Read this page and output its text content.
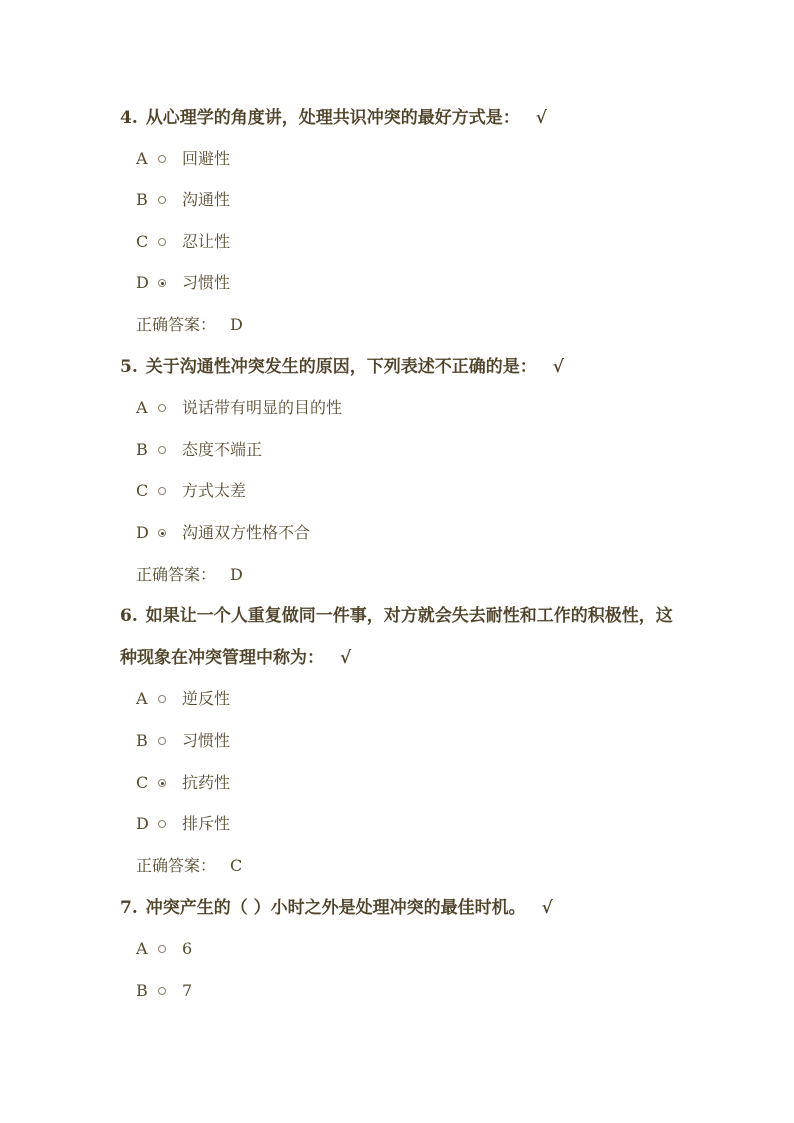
4. 从心理学的角度讲，处理共识冲突的最好方式是： √
A 回避性
B 沟通性
C 忍让性
D 习惯性
正确答案： D
5. 关于沟通性冲突发生的原因，下列表述不正确的是： √
A 说话带有明显的目的性
B 态度不端正
C 方式太差
D 沟通双方性格不合
正确答案： D
6. 如果让一个人重复做同一件事，对方就会失去耐性和工作的积极性，这种现象在冲突管理中称为： √
A 逆反性
B 习惯性
C 抗药性
D 排斥性
正确答案： C
7. 冲突产生的（ ）小时之外是处理冲突的最佳时机。 √
A 6
B 7
